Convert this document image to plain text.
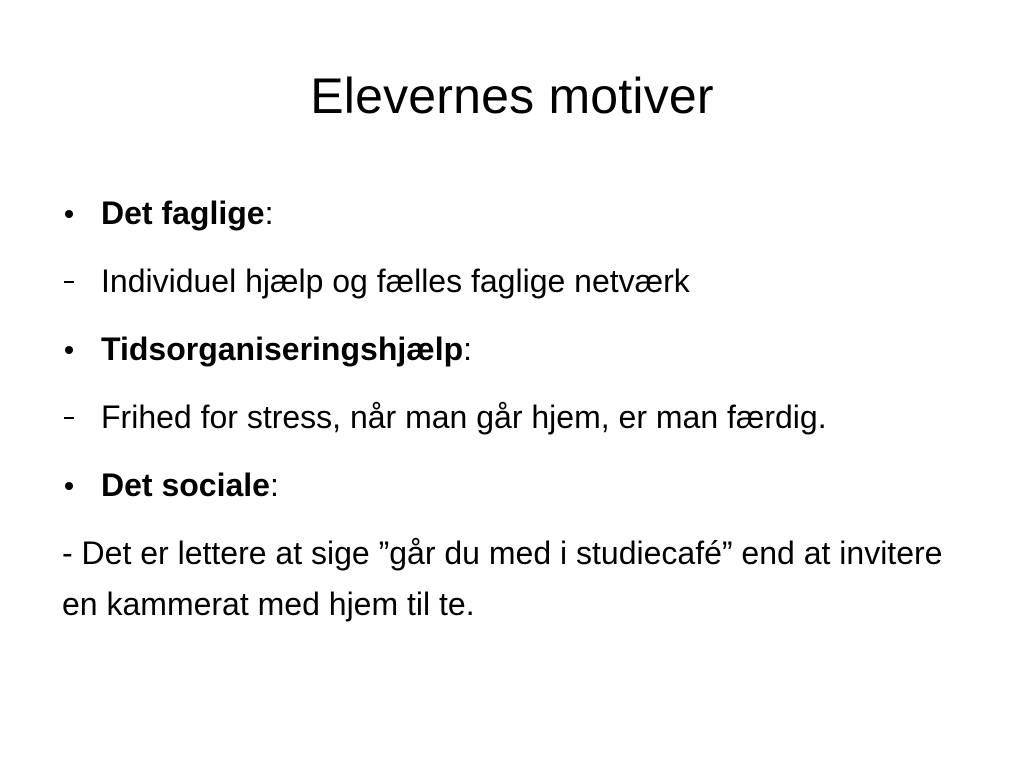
Elevernes motiver
Det faglige:
Individuel hjælp og fælles faglige netværk
Tidsorganiseringshjælp:
Frihed for stress, når man går hjem, er man færdig.
Det sociale:
- Det er lettere at sige ”går du med i studiecafé” end at invitere en kammerat med hjem til te.
